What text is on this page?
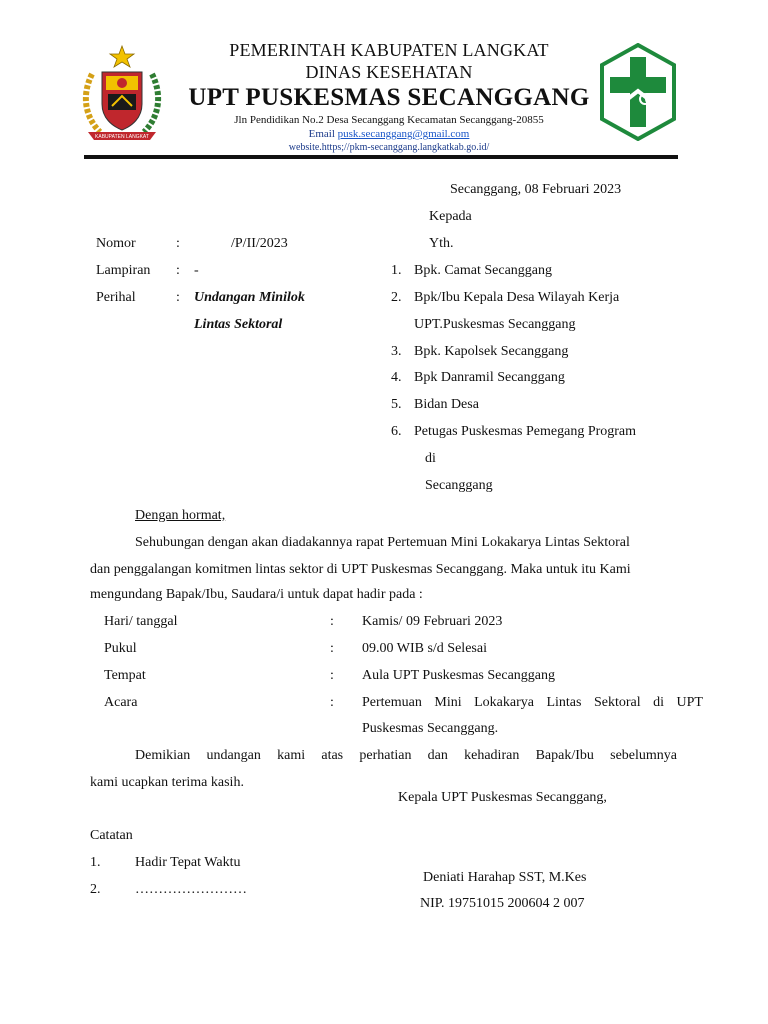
KABUPATEN LANGKAT
PEMERINTAH KABUPATEN LANGKAT
DINAS KESEHATAN
UPT PUSKESMAS SECANGGANG
Jln Pendidikan No.2 Desa Secanggang Kecamatan Secanggang-20855
Email pusk.secanggang@gmail.com
website.https;//pkm-secanggang.langkatkab.go.id/
Secanggang, 08 Februari 2023
Kepada
Yth.
Nomor	:	/P/II/2023
Lampiran : -
Perihal	: Undangan Minilok
Lintas Sektoral
1. Bpk. Camat Secanggang
2. Bpk/Ibu Kepala Desa Wilayah Kerja
UPT.Puskesmas Secanggang
3. Bpk. Kapolsek Secanggang
4. Bpk Danramil Secanggang
5. Bidan Desa
6. Petugas Puskesmas Pemegang Program
di
Secanggang
Dengan hormat,
Sehubungan dengan akan diadakannya rapat Pertemuan Mini Lokakarya Lintas Sektoral
dan penggalangan komitmen lintas sektor di UPT Puskesmas Secanggang. Maka untuk itu Kami
mengundang Bapak/Ibu, Saudara/i untuk dapat hadir pada :
Hari/ tanggal	: Kamis/ 09 Februari 2023
Pukul	: 09.00 WIB s/d Selesai
Tempat	: Aula UPT Puskesmas Secanggang
Acara	: Pertemuan Mini Lokakarya Lintas Sektoral di UPT
Puskesmas Secanggang.
Demikian undangan kami atas perhatian dan kehadiran Bapak/Ibu sebelumnya
kami ucapkan terima kasih.
Kepala UPT Puskesmas Secanggang,
Deniati Harahap SST, M.Kes
NIP. 19751015 200604 2 007
Catatan
1. Hadir Tepat Waktu
2. ……………………
